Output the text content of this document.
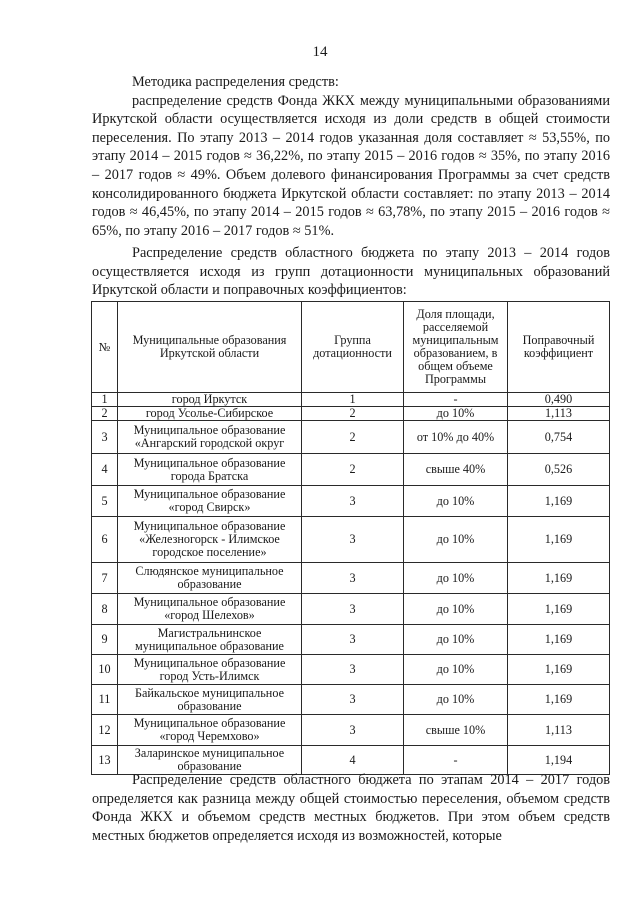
14

Методика распределения средств:

распределение средств Фонда ЖКХ между муниципальными образованиями Иркутской области осуществляется исходя из доли средств в общей стоимости переселения. По этапу 2013 – 2014 годов указанная доля составляет ≈ 53,55%, по этапу 2014 – 2015 годов ≈ 36,22%, по этапу 2015 – 2016 годов ≈ 35%, по этапу 2016 – 2017 годов ≈ 49%. Объем долевого финансирования Программы за счет средств консолидированного бюджета Иркутской области составляет: по этапу 2013 – 2014 годов ≈ 46,45%, по этапу 2014 – 2015 годов ≈ 63,78%, по этапу 2015 – 2016 годов ≈ 65%, по этапу 2016 – 2017 годов ≈ 51%.

Распределение средств областного бюджета по этапу 2013 – 2014 годов осуществляется исходя из групп дотационности муниципальных образований Иркутской области и поправочных коэффициентов:

№	Муниципальные образования Иркутской области	Группа дотационности	Доля площади, расселяемой муниципальным образованием, в общем объеме Программы	Поправочный коэффициент
1	город Иркутск	1	-	0,490
2	город Усолье-Сибирское	2	до 10%	1,113
3	Муниципальное образование «Ангарский городской округ	2	от 10% до 40%	0,754
4	Муниципальное образование города Братска	2	свыше 40%	0,526
5	Муниципальное образование «город Свирск»	3	до 10%	1,169
6	Муниципальное образование «Железногорск - Илимское городское поселение»	3	до 10%	1,169
7	Слюдянское муниципальное образование	3	до 10%	1,169
8	Муниципальное образование «город Шелехов»	3	до 10%	1,169
9	Магистральнинское муниципальное образование	3	до 10%	1,169
10	Муниципальное образование город Усть-Илимск	3	до 10%	1,169
11	Байкальское муниципальное образование	3	до 10%	1,169
12	Муниципальное образование «город Черемхово»	3	свыше 10%	1,113
13	Заларинское муниципальное образование	4	-	1,194

Распределение средств областного бюджета по этапам 2014 – 2017 годов определяется как разница между общей стоимостью переселения, объемом средств Фонда ЖКХ и объемом средств местных бюджетов. При этом объем средств местных бюджетов определяется исходя из возможностей, которые
